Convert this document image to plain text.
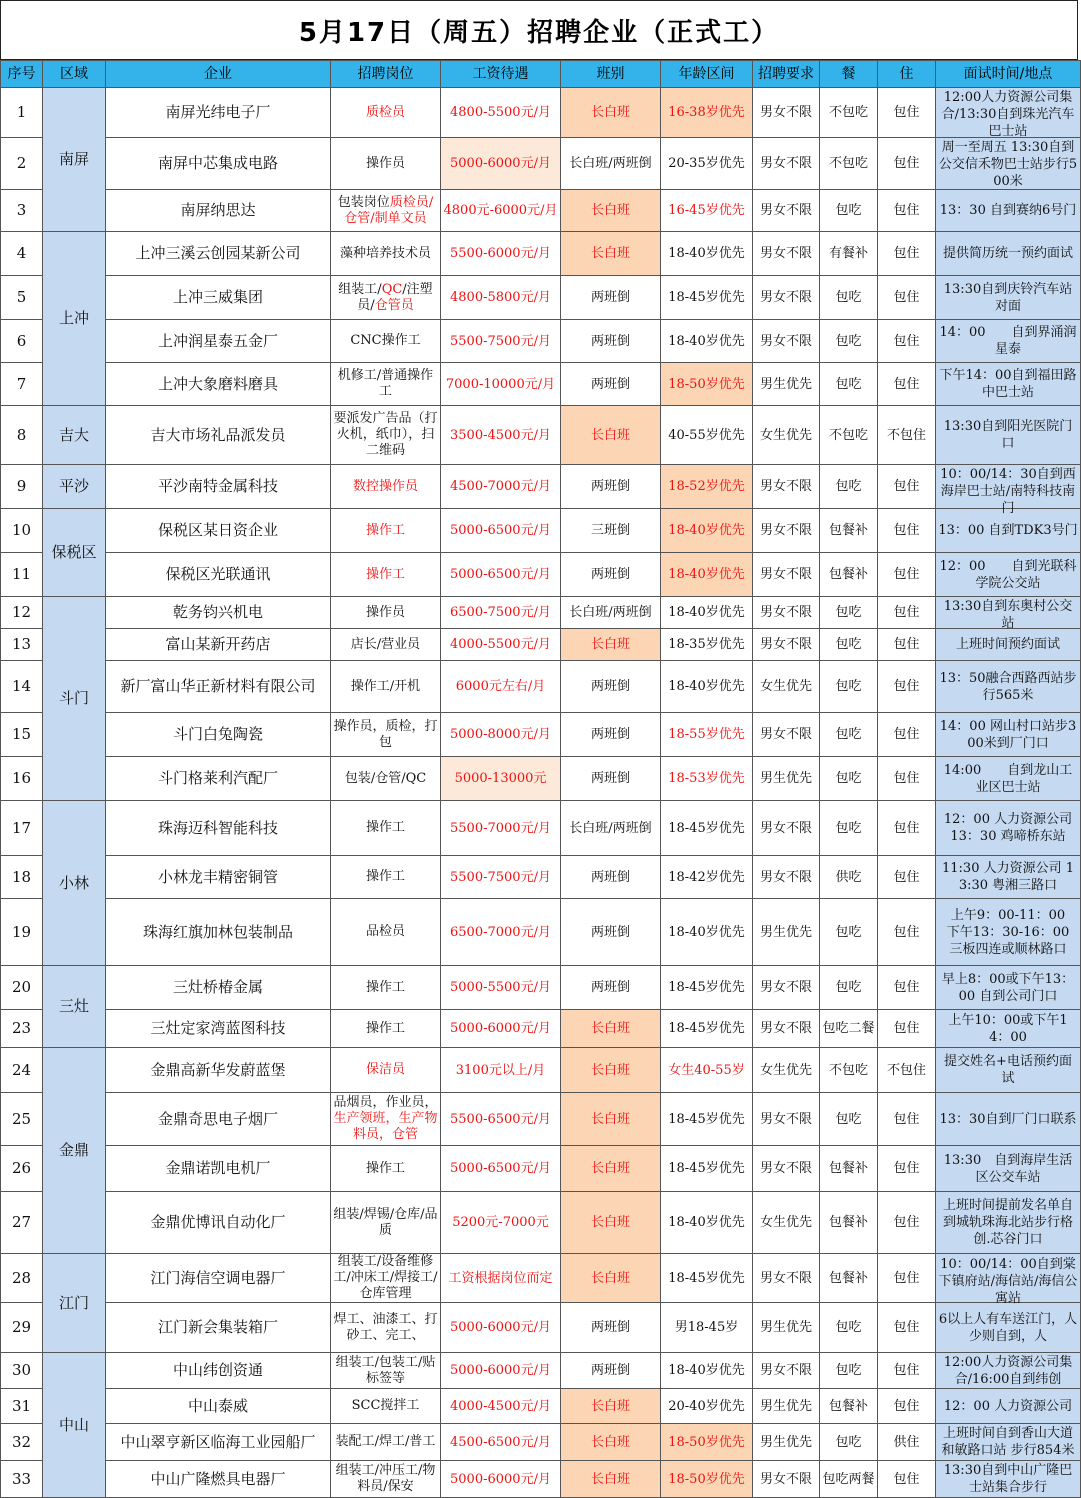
5月17日（周五）招聘企业（正式工）
序号	区域	企业	招聘岗位	工资待遇	班别	年龄区间	招聘要求	餐	住	面试时间/地点
1	南屏	南屏光纬电子厂	质检员	4800-5500元/月	长白班	16-38岁优先	男女不限	不包吃	包住	12:00人力资源公司集合/13:30自到珠光汽车巴士站

2		南屏中芯集成电路	操作员	5000-6000元/月	长白班/两班倒	20-35岁优先	男女不限	不包吃	包住	周一至周五 13:30自到公交信禾物巴士站步行500米

3		南屏纳思达	包装岗位质检员/仓管/制单文员	4800元-6000元/月	长白班	16-45岁优先	男女不限	包吃	包住	13：30 自到赛纳6号门

4	上冲	上冲三溪云创园某新公司	藻种培养技术员	5500-6000元/月	长白班	18-40岁优先	男女不限	有餐补	包住	提供简历统一预约面试

5		上冲三威集团	组装工/QC/注塑员/仓管员	4800-5800元/月	两班倒	18-45岁优先	男女不限	包吃	包住	13:30自到庆铃汽车站对面

6		上冲润星泰五金厂	CNC操作工	5500-7500元/月	两班倒	18-40岁优先	男女不限	包吃	包住	14：00　　自到界涌润星泰

7		上冲大象磨料磨具	机修工/普通操作工	7000-10000元/月	两班倒	18-50岁优先	男生优先	包吃	包住	下午14：00自到福田路中巴士站

8	吉大	吉大市场礼品派发员	要派发广告品（打火机，纸巾），扫二维码	3500-4500元/月	长白班	40-55岁优先	女生优先	不包吃	不包住	13:30自到阳光医院门口

9	平沙	平沙南特金属科技	数控操作员	4500-7000元/月	两班倒	18-52岁优先	男女不限	包吃	包住	10：00/14：30自到西海岸巴士站/南特科技南门

10	保税区	保税区某日资企业	操作工	5000-6500元/月	三班倒	18-40岁优先	男女不限	包餐补	包住	13：00 自到TDK3号门

11		保税区光联通讯	操作工	5000-6500元/月	两班倒	18-40岁优先	男女不限	包餐补	包住	12：00　　自到光联科学院公交站

12	斗门	乾务钧兴机电	操作员	6500-7500元/月	长白班/两班倒	18-40岁优先	男女不限	包吃	包住	13:30自到东奥村公交站

13		富山某新开药店	店长/营业员	4000-5500元/月	长白班	18-35岁优先	男女不限	包吃	包住	上班时间预约面试

14		新厂富山华正新材料有限公司	操作工/开机	6000元左右/月	两班倒	18-40岁优先	女生优先	包吃	包住	13：50融合西路西站步行565米

15		斗门白兔陶瓷	操作员，质检，打包	5000-8000元/月	两班倒	18-55岁优先	男女不限	包吃	包住	14：00 网山村口站步300米到厂门口

16		斗门格莱利汽配厂	包装/仓管/QC	5000-13000元	两班倒	18-53岁优先	男生优先	包吃	包住	14:00　　自到龙山工业区巴士站

17	小林	珠海迈科智能科技	操作工	5500-7000元/月	长白班/两班倒	18-45岁优先	男女不限	包吃	包住	12：00 人力资源公司
13：30 鸡啼桥东站

18		小林龙丰精密铜管	操作工	5500-7500元/月	两班倒	18-42岁优先	男女不限	供吃	包住	11:30 人力资源公司 13:30 粤湘三路口

19		珠海红旗加林包装制品	品检员	6500-7000元/月	两班倒	18-40岁优先	男生优先	包吃	包住	上午9：00-11：00
下午13：30-16：00
三板四连或顺林路口

20	三灶	三灶桥椿金属	操作工	5000-5500元/月	两班倒	18-45岁优先	男女不限	包吃	包住	早上8：00或下午13：00 自到公司门口

23		三灶定家湾蓝图科技	操作工	5000-6000元/月	长白班	18-45岁优先	男女不限	包吃二餐	包住	上午10：00或下午14：00

24	金鼎	金鼎高新华发蔚蓝堡	保洁员	3100元以上/月	长白班	女生40-55岁	女生优先	不包吃	不包住	提交姓名+电话预约面试

25		金鼎奇思电子烟厂	品烟员，作业员，生产领班，生产物料员，仓管	5500-6500元/月	长白班	18-45岁优先	男女不限	包吃	包住	13：30自到厂门口联系

26		金鼎诺凯电机厂	操作工	5000-6500元/月	长白班	18-45岁优先	男女不限	包餐补	包住	13:30　自到海岸生活区公交车站

27		金鼎优博讯自动化厂	组装/焊锡/仓库/品质	5200元-7000元	长白班	18-40岁优先	女生优先	包餐补	包住	上班时间提前发名单自到城轨珠海北站步行格创.芯谷门口

28	江门	江门海信空调电器厂	组装工/设备维修工/冲床工/焊接工/仓库管理	工资根据岗位而定	长白班	18-45岁优先	男女不限	包餐补	包住	10：00/14：00自到棠下镇府站/海信站/海信公寓站

29		江门新会集装箱厂	焊工、油漆工、打砂工、完工、	5000-6000元/月	两班倒	男18-45岁	男生优先	包吃	包住	6以上人有车送江门，人少则自到，人

30	中山	中山纬创资通	组装工/包装工/贴标签等	5000-6000元/月	两班倒	18-40岁优先	男女不限	包吃	包住	12:00人力资源公司集合/16:00自到纬创

31		中山泰威	SCC搅拌工	4000-4500元/月	长白班	20-40岁优先	男生优先	包餐补	包住	12：00 人力资源公司

32		中山翠亨新区临海工业园船厂	装配工/焊工/普工	4500-6500元/月	长白班	18-50岁优先	男生优先	包吃	供住	上班时间自到香山大道和敏路口站 步行854米

33		中山广隆燃具电器厂	组装工/冲压工/物料员/保安	5000-6000元/月	长白班	18-50岁优先	男女不限	包吃两餐	包住	13:30自到中山广隆巴士站集合步行
